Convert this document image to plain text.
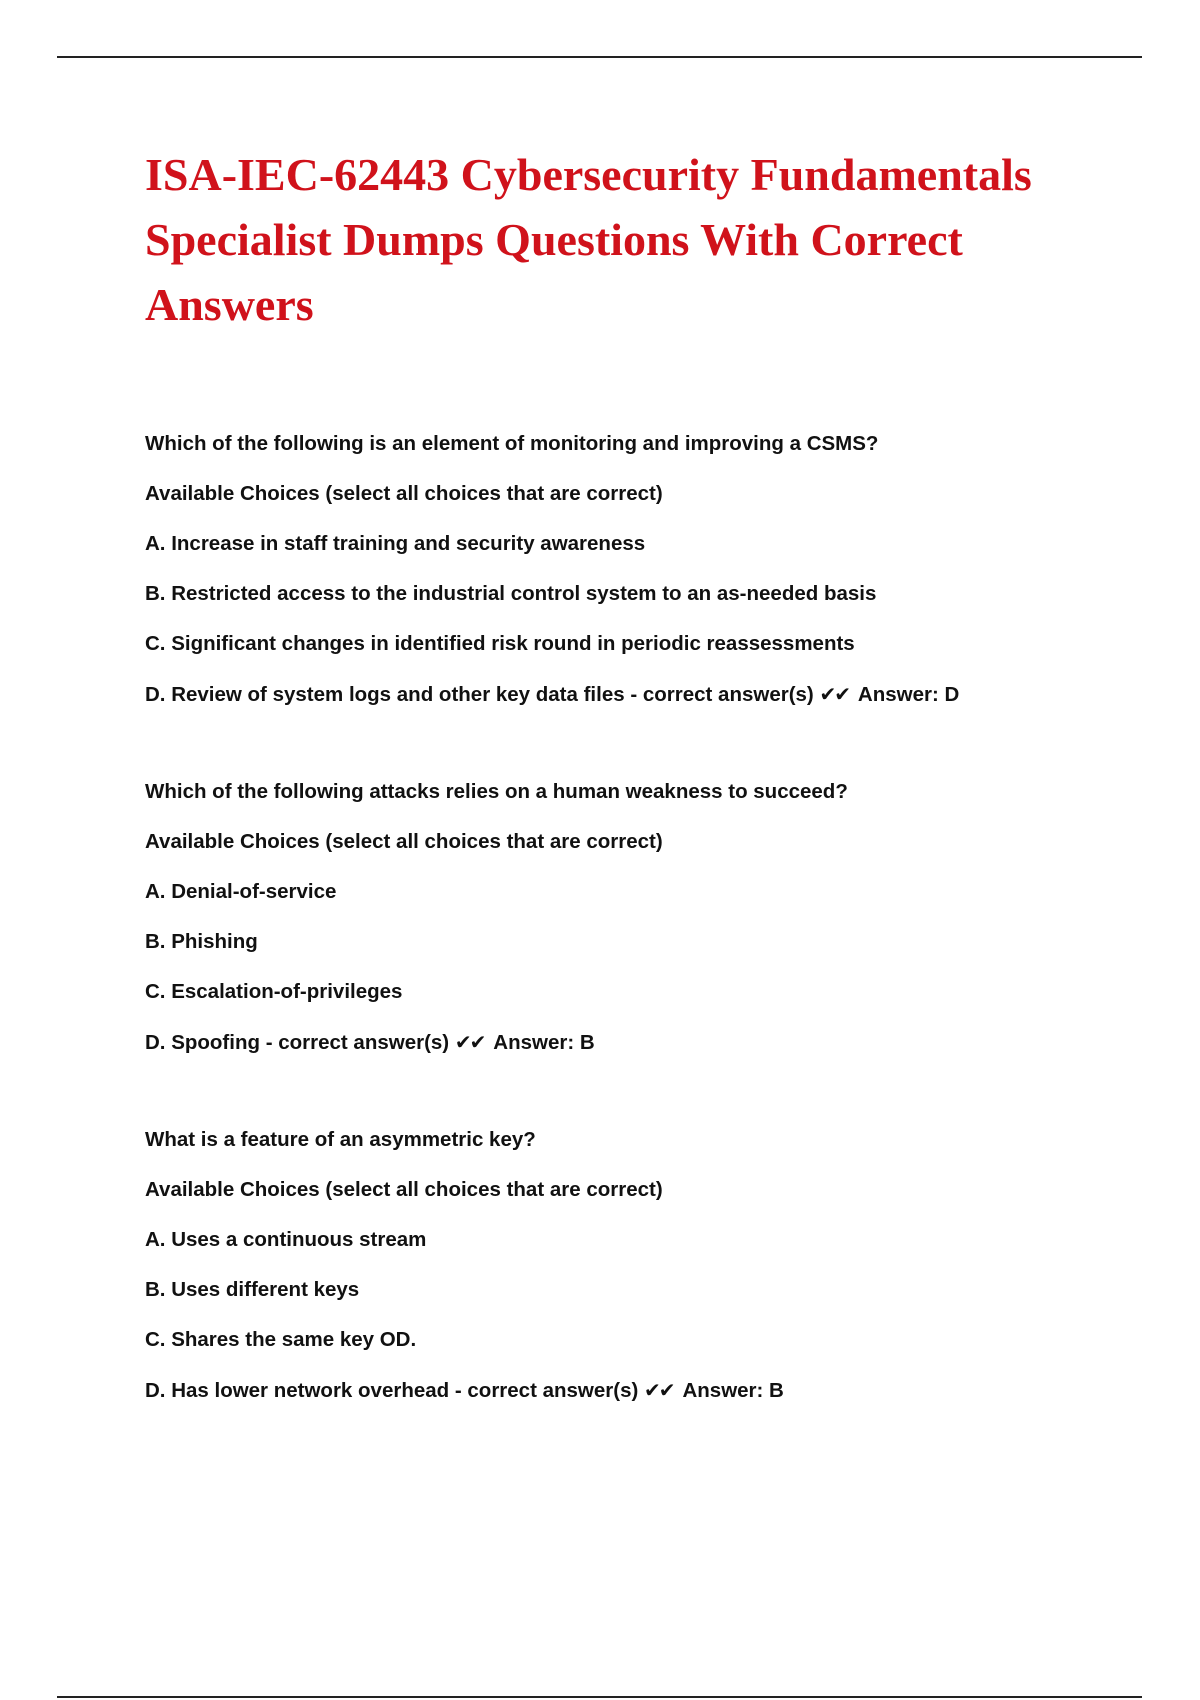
ISA-IEC-62443 Cybersecurity Fundamentals Specialist Dumps Questions With Correct Answers
Which of the following is an element of monitoring and improving a CSMS?
Available Choices (select all choices that are correct)
A. Increase in staff training and security awareness
B. Restricted access to the industrial control system to an as-needed basis
C. Significant changes in identified risk round in periodic reassessments
D. Review of system logs and other key data files - correct answer(s) ✔✔ Answer: D
Which of the following attacks relies on a human weakness to succeed?
Available Choices (select all choices that are correct)
A. Denial-of-service
B. Phishing
C. Escalation-of-privileges
D. Spoofing - correct answer(s) ✔✔ Answer: B
What is a feature of an asymmetric key?
Available Choices (select all choices that are correct)
A. Uses a continuous stream
B. Uses different keys
C. Shares the same key OD.
D. Has lower network overhead - correct answer(s) ✔✔ Answer: B
